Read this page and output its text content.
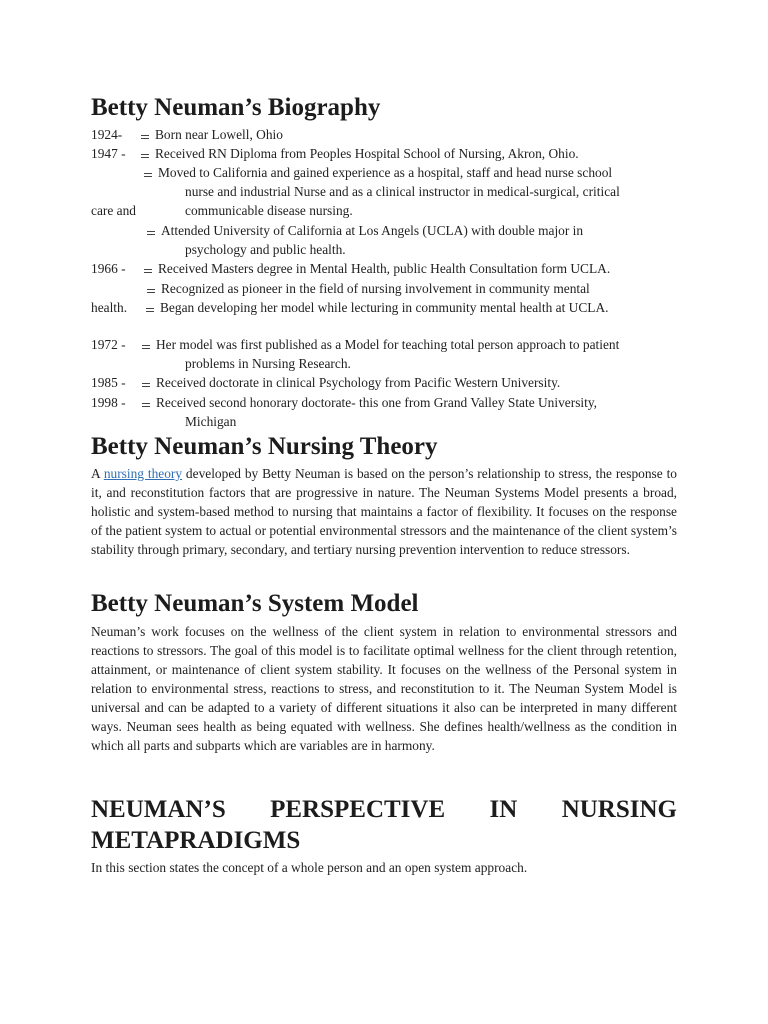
Betty Neuman’s Biography
1924-	Born near Lowell, Ohio
1947 -	Received RN Diploma from Peoples Hospital School of Nursing, Akron, Ohio.
Moved to California and gained experience as a hospital, staff and head nurse school
nurse and industrial Nurse and as a clinical instructor in medical-surgical, critical
care and	communicable disease nursing.
Attended University of California at Los Angels (UCLA) with double major in
psychology and public health.
1966 -	Received Masters degree in Mental Health, public Health Consultation form UCLA.
Recognized as pioneer in the field of nursing involvement in community mental
health.	Began developing her model while lecturing in community mental health at UCLA.
1972 -	Her model was first published as a Model for teaching total person approach to patient
problems in Nursing Research.
1985 -	Received doctorate in clinical Psychology from Pacific Western University.
1998 -	Received second honorary doctorate- this one from Grand Valley State University,
Michigan
Betty Neuman’s Nursing Theory
A nursing theory developed by Betty Neuman is based on the person’s relationship to stress, the response to it, and reconstitution factors that are progressive in nature. The Neuman Systems Model presents a broad, holistic and system-based method to nursing that maintains a factor of flexibility. It focuses on the response of the patient system to actual or potential environmental stressors and the maintenance of the client system’s stability through primary, secondary, and tertiary nursing prevention intervention to reduce stressors.
Betty Neuman’s System Model
Neuman’s work focuses on the wellness of the client system in relation to environmental stressors and reactions to stressors. The goal of this model is to facilitate optimal wellness for the client through retention, attainment, or maintenance of client system stability. It focuses on the wellness of the Personal system in relation to environmental stress, reactions to stress, and reconstitution to it. The Neuman System Model is universal and can be adapted to a variety of different situations it also can be interpreted in many different ways. Neuman sees health as being equated with wellness. She defines health/wellness as the condition in which all parts and subparts which are variables are in harmony.
NEUMAN’S PERSPECTIVE IN NURSING METAPRADIGMS
In this section states the concept of a whole person and an open system approach.
